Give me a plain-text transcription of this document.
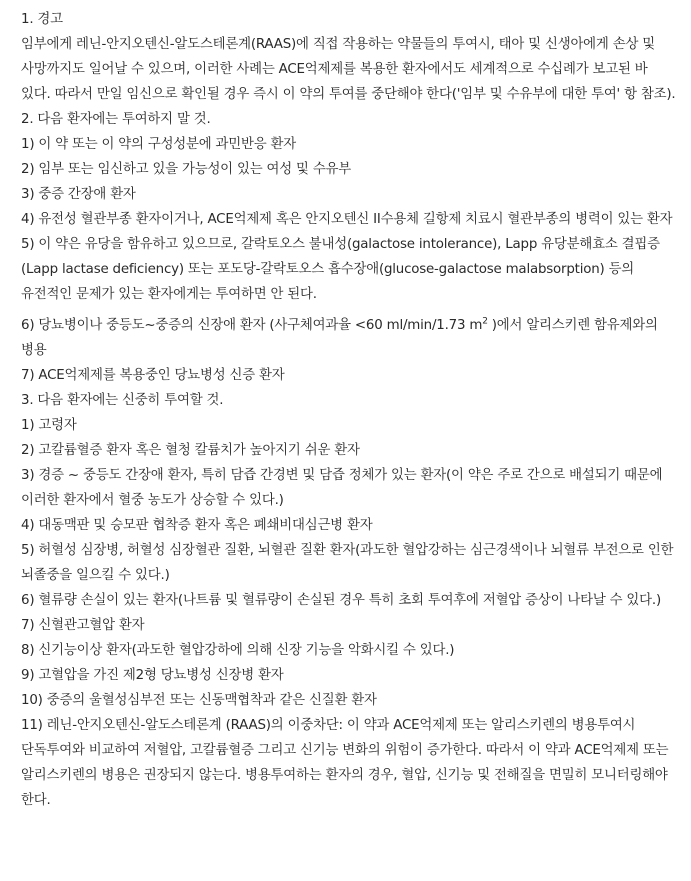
1. 경고

임부에게 레닌-안지오텐신-알도스테론계(RAAS)에 직접 작용하는 약물들의 투여시, 태아 및 신생아에게 손상 및 사망까지도 일어날 수 있으며, 이러한 사례는 ACE억제제를 복용한 환자에서도 세계적으로 수십례가 보고된 바 있다. 따라서 만일 임신으로 확인될 경우 즉시 이 약의 투여를 중단해야 한다('임부 및 수유부에 대한 투여' 항 참조).

2. 다음 환자에는 투여하지 말 것.

1) 이 약 또는 이 약의 구성성분에 과민반응 환자

2) 임부 또는 임신하고 있을 가능성이 있는 여성 및 수유부

3) 중증 간장애 환자

4) 유전성 혈관부종 환자이거나, ACE억제제 혹은 안지오텐신 II수용체 길항제 치료시 혈관부종의 병력이 있는 환자

5) 이 약은 유당을 함유하고 있으므로, 갈락토오스 불내성(galactose intolerance), Lapp 유당분해효소 결핍증(Lapp lactase deficiency) 또는 포도당-갈락토오스 흡수장애(glucose-galactose malabsorption) 등의 유전적인 문제가 있는 환자에게는 투여하면 안 된다.

6) 당뇨병이나 중등도~중증의 신장애 환자 (사구체여과율 <60 ml/min/1.73 $m^2$ )에서 알리스키렌 함유제와의 병용

7) ACE억제제를 복용중인 당뇨병성 신증 환자

3. 다음 환자에는 신중히 투여할 것.

1) 고령자

2) 고칼륨혈증 환자 혹은 혈청 칼륨치가 높아지기 쉬운 환자

3) 경증 ~ 중등도 간장애 환자, 특히 담즙 간경변 및 담즙 정체가 있는 환자(이 약은 주로 간으로 배설되기 때문에 이러한 환자에서 혈중 농도가 상승할 수 있다.)

4) 대동맥판 및 승모판 협착증 환자 혹은 폐쇄비대심근병 환자

5) 허혈성 심장병, 허혈성 심장혈관 질환, 뇌혈관 질환 환자(과도한 혈압강하는 심근경색이나 뇌혈류 부전으로 인한 뇌졸중을 일으킬 수 있다.)

6) 혈류량 손실이 있는 환자(나트륨 및 혈류량이 손실된 경우 특히 초회 투여후에 저혈압 증상이 나타날 수 있다.)

7) 신혈관고혈압 환자

8) 신기능이상 환자(과도한 혈압강하에 의해 신장 기능을 악화시킬 수 있다.)

9) 고혈압을 가진 제2형 당뇨병성 신장병 환자

10) 중증의 울혈성심부전 또는 신동맥협착과 같은 신질환 환자

11) 레닌-안지오텐신-알도스테론계 (RAAS)의 이중차단: 이 약과 ACE억제제 또는 알리스키렌의 병용투여시 단독투여와 비교하여 저혈압, 고칼륨혈증 그리고 신기능 변화의 위험이 증가한다. 따라서 이 약과 ACE억제제 또는 알리스키렌의 병용은 권장되지 않는다. 병용투여하는 환자의 경우, 혈압, 신기능 및 전해질을 면밀히 모니터링해야 한다.
